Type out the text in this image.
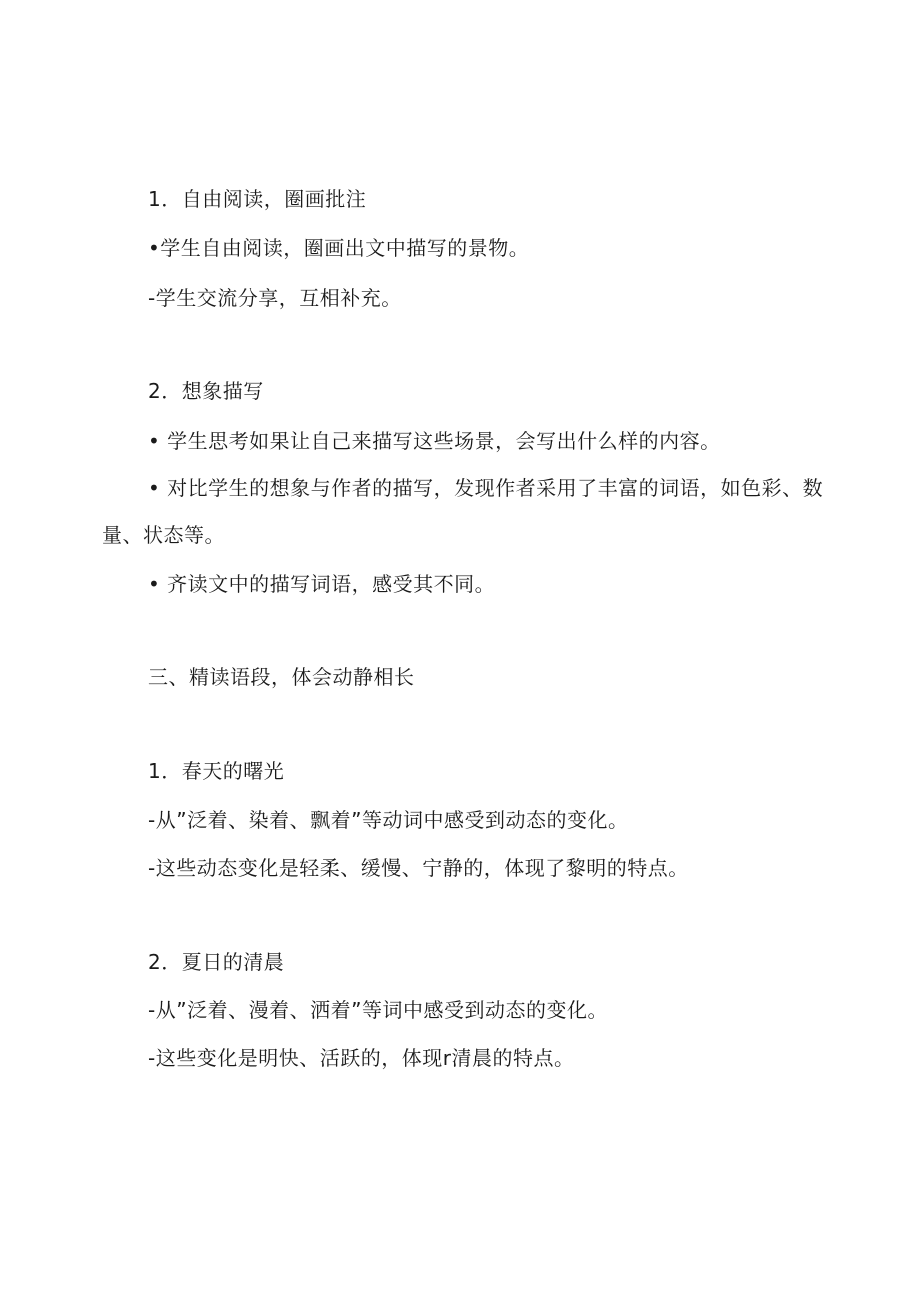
1．自由阅读，圈画批注
•学生自由阅读，圈画出文中描写的景物。
-学生交流分享，互相补充。
2．想象描写
• 学生思考如果让自己来描写这些场景，会写出什么样的内容。
• 对比学生的想象与作者的描写，发现作者采用了丰富的词语，如色彩、数
量、状态等。
• 齐读文中的描写词语，感受其不同。
三、精读语段，体会动静相长
1．春天的曙光
-从”泛着、染着、飘着”等动词中感受到动态的变化。
-这些动态变化是轻柔、缓慢、宁静的，体现了黎明的特点。
2．夏日的清晨
-从”泛着、漫着、洒着”等词中感受到动态的变化。
-这些变化是明快、活跃的，体现r清晨的特点。
